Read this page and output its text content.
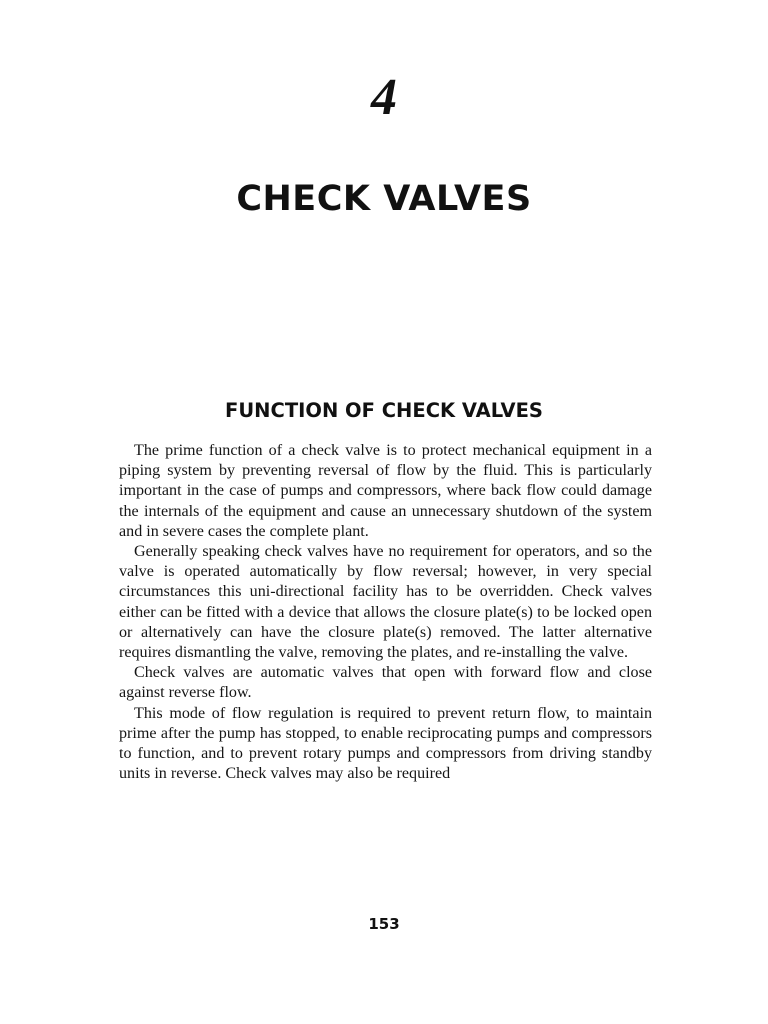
4
CHECK VALVES
FUNCTION OF CHECK VALVES

The prime function of a check valve is to protect mechanical equipment in a piping system by preventing reversal of flow by the fluid. This is particularly important in the case of pumps and compressors, where back flow could damage the internals of the equipment and cause an unnecessary shutdown of the system and in severe cases the complete plant.

Generally speaking check valves have no requirement for operators, and so the valve is operated automatically by flow reversal; however, in very special circumstances this uni-directional facility has to be overridden. Check valves either can be fitted with a device that allows the closure plate(s) to be locked open or alternatively can have the closure plate(s) removed. The latter alternative requires dismantling the valve, removing the plates, and re-installing the valve.

Check valves are automatic valves that open with forward flow and close against reverse flow.

This mode of flow regulation is required to prevent return flow, to maintain prime after the pump has stopped, to enable reciprocating pumps and compressors to function, and to prevent rotary pumps and compressors from driving standby units in reverse. Check valves may also be required

153
